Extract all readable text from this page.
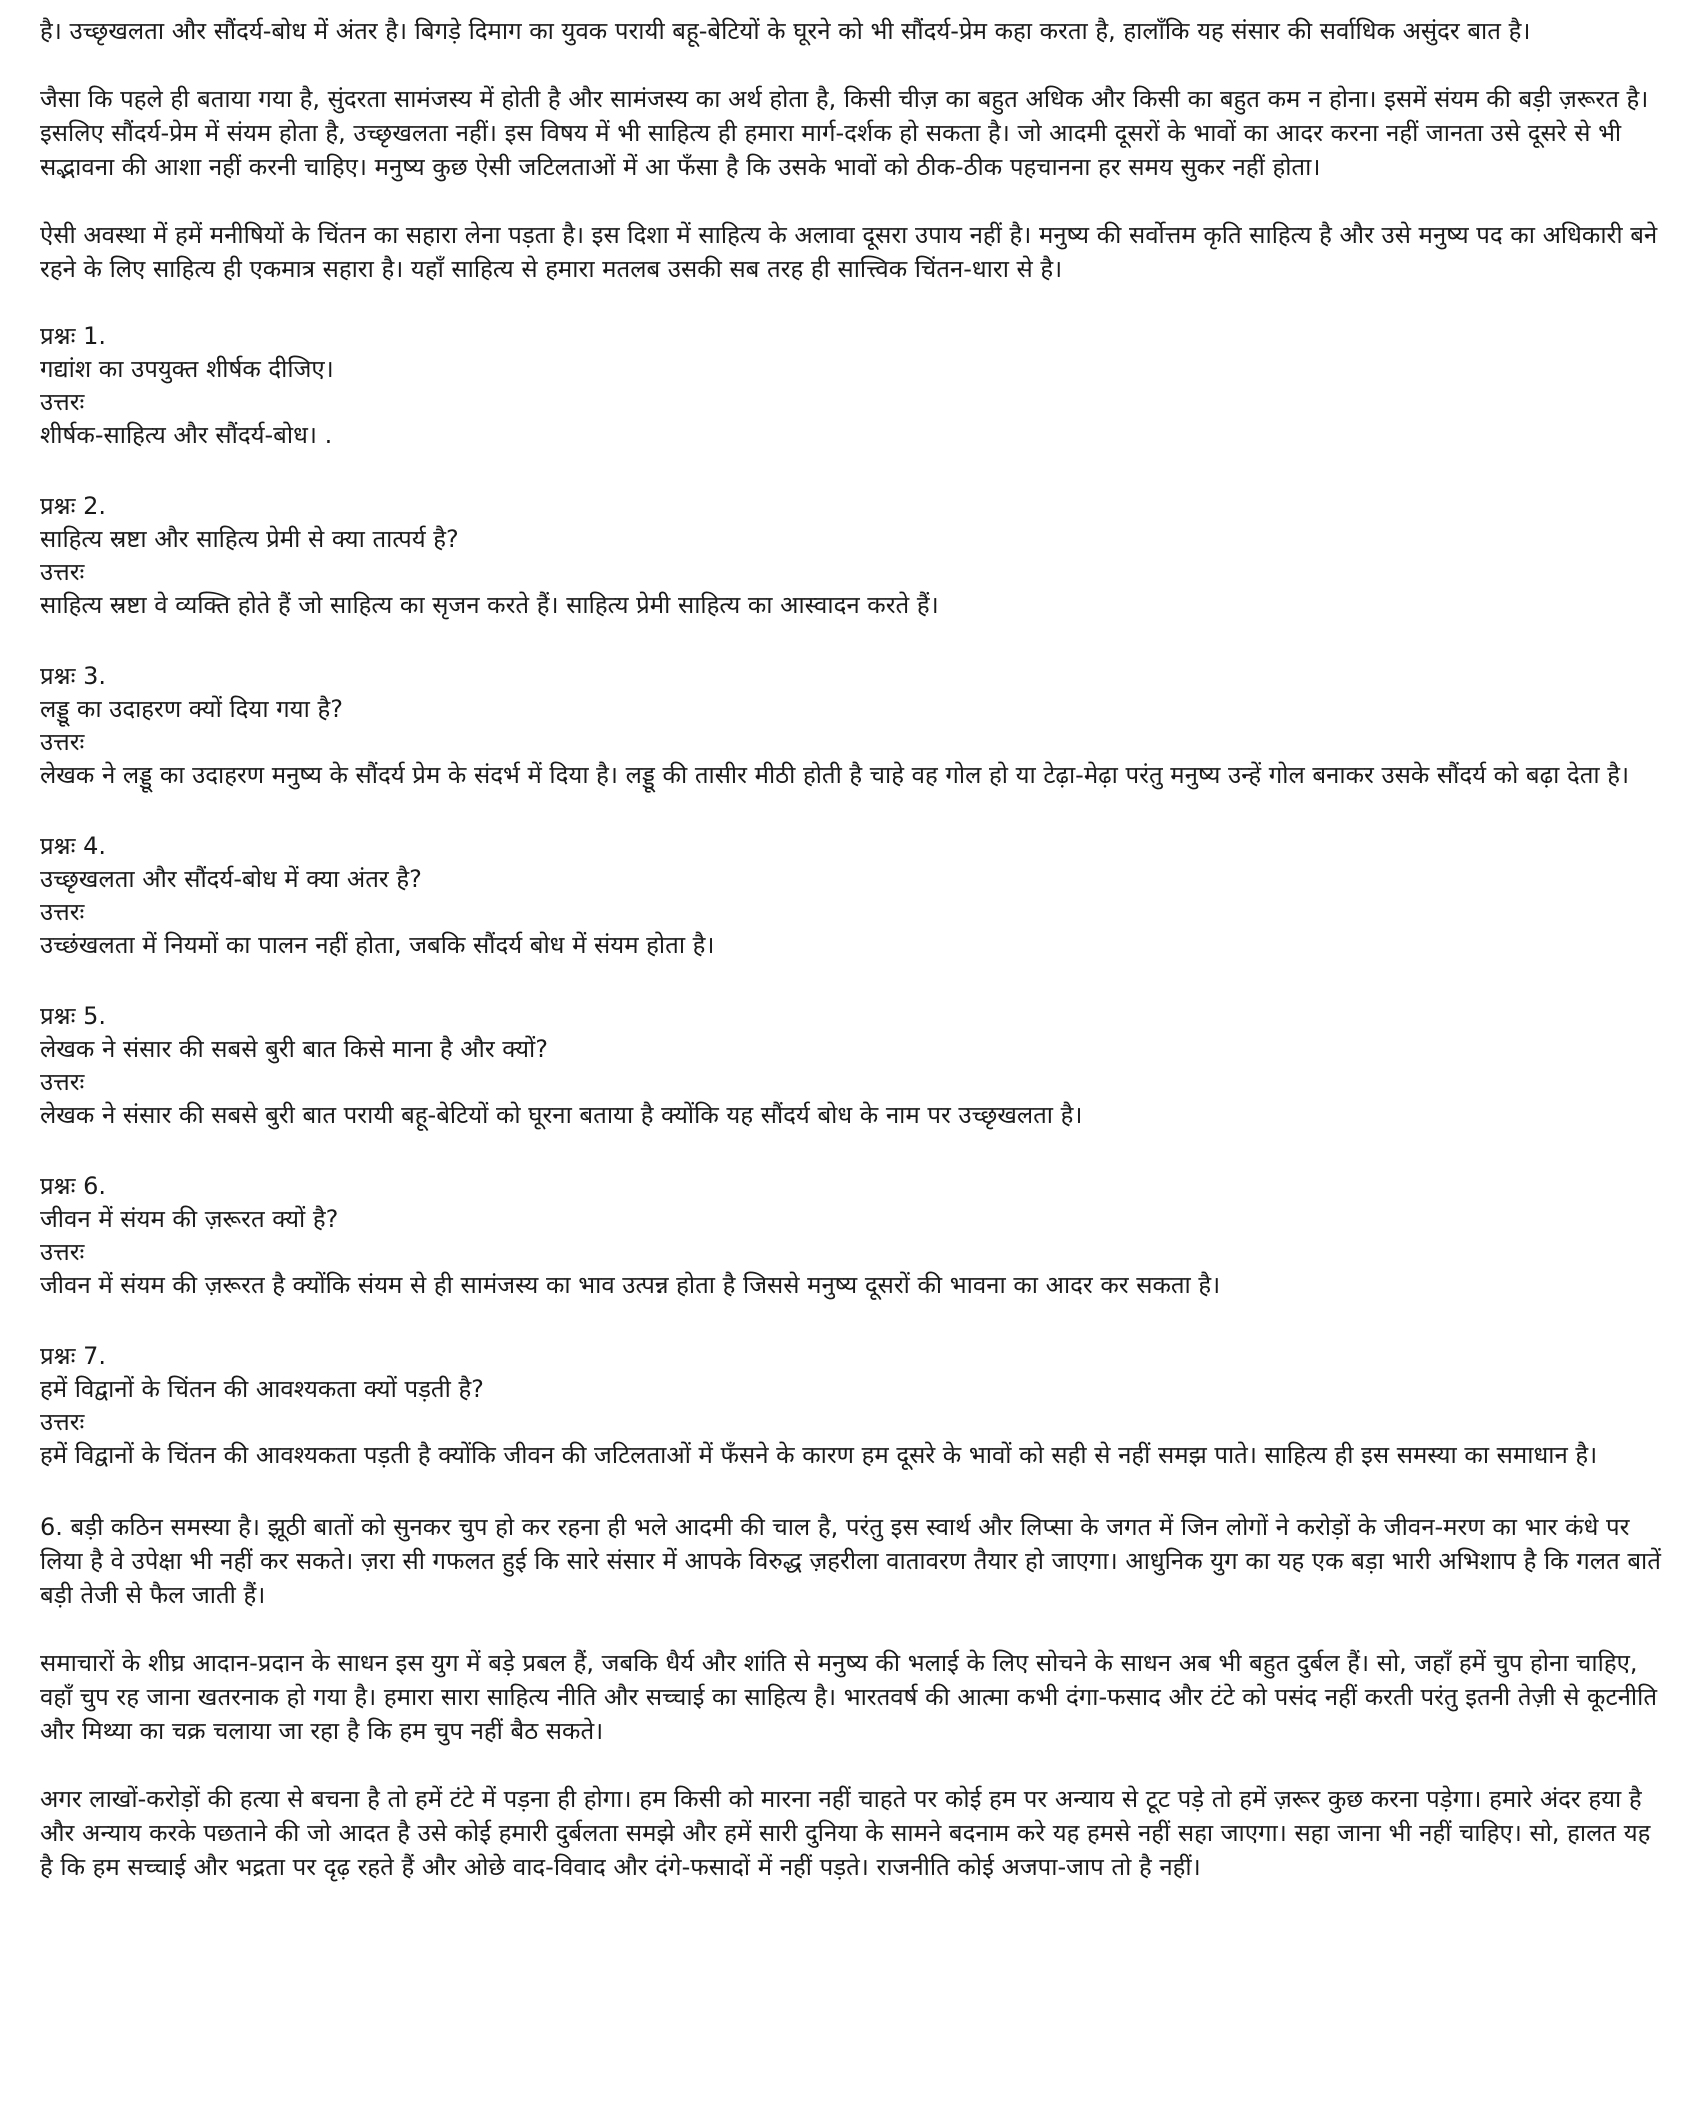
है। उच्छृखलता और सौंदर्य-बोध में अंतर है। बिगड़े दिमाग का युवक परायी बहू-बेटियों के घूरने को भी सौंदर्य-प्रेम कहा करता है, हालाँकि यह संसार की सर्वाधिक असुंदर बात है।

जैसा कि पहले ही बताया गया है, सुंदरता सामंजस्य में होती है और सामंजस्य का अर्थ होता है, किसी चीज़ का बहुत अधिक और किसी का बहुत कम न होना। इसमें संयम की बड़ी ज़रूरत है। इसलिए सौंदर्य-प्रेम में संयम होता है, उच्छृखलता नहीं। इस विषय में भी साहित्य ही हमारा मार्ग-दर्शक हो सकता है। जो आदमी दूसरों के भावों का आदर करना नहीं जानता उसे दूसरे से भी सद्भावना की आशा नहीं करनी चाहिए। मनुष्य कुछ ऐसी जटिलताओं में आ फँसा है कि उसके भावों को ठीक-ठीक पहचानना हर समय सुकर नहीं होता।

ऐसी अवस्था में हमें मनीषियों के चिंतन का सहारा लेना पड़ता है। इस दिशा में साहित्य के अलावा दूसरा उपाय नहीं है। मनुष्य की सर्वोत्तम कृति साहित्य है और उसे मनुष्य पद का अधिकारी बने रहने के लिए साहित्य ही एकमात्र सहारा है। यहाँ साहित्य से हमारा मतलब उसकी सब तरह ही सात्त्विक चिंतन-धारा से है।

प्रश्नः 1.

गद्यांश का उपयुक्त शीर्षक दीजिए।

उत्तरः

शीर्षक-साहित्य और सौंदर्य-बोध। .

प्रश्नः 2.

साहित्य स्रष्टा और साहित्य प्रेमी से क्या तात्पर्य है?

उत्तरः

साहित्य स्रष्टा वे व्यक्ति होते हैं जो साहित्य का सृजन करते हैं। साहित्य प्रेमी साहित्य का आस्वादन करते हैं।

प्रश्नः 3.

लड्डू का उदाहरण क्यों दिया गया है?

उत्तरः

लेखक ने लड्डू का उदाहरण मनुष्य के सौंदर्य प्रेम के संदर्भ में दिया है। लड्डू की तासीर मीठी होती है चाहे वह गोल हो या टेढ़ा-मेढ़ा परंतु मनुष्य उन्हें गोल बनाकर उसके सौंदर्य को बढ़ा देता है।

प्रश्नः 4.

उच्छृखलता और सौंदर्य-बोध में क्या अंतर है?

उत्तरः

उच्छंखलता में नियमों का पालन नहीं होता, जबकि सौंदर्य बोध में संयम होता है।

प्रश्नः 5.

लेखक ने संसार की सबसे बुरी बात किसे माना है और क्यों?

उत्तरः

लेखक ने संसार की सबसे बुरी बात परायी बहू-बेटियों को घूरना बताया है क्योंकि यह सौंदर्य बोध के नाम पर उच्छृखलता है।

प्रश्नः 6.

जीवन में संयम की ज़रूरत क्यों है?

उत्तरः

जीवन में संयम की ज़रूरत है क्योंकि संयम से ही सामंजस्य का भाव उत्पन्न होता है जिससे मनुष्य दूसरों की भावना का आदर कर सकता है।

प्रश्नः 7.

हमें विद्वानों के चिंतन की आवश्यकता क्यों पड़ती है?

उत्तरः

हमें विद्वानों के चिंतन की आवश्यकता पड़ती है क्योंकि जीवन की जटिलताओं में फँसने के कारण हम दूसरे के भावों को सही से नहीं समझ पाते। साहित्य ही इस समस्या का समाधान है।

6. बड़ी कठिन समस्या है। झूठी बातों को सुनकर चुप हो कर रहना ही भले आदमी की चाल है, परंतु इस स्वार्थ और लिप्सा के जगत में जिन लोगों ने करोड़ों के जीवन-मरण का भार कंधे पर लिया है वे उपेक्षा भी नहीं कर सकते। ज़रा सी गफलत हुई कि सारे संसार में आपके विरुद्ध ज़हरीला वातावरण तैयार हो जाएगा। आधुनिक युग का यह एक बड़ा भारी अभिशाप है कि गलत बातें बड़ी तेजी से फैल जाती हैं।

समाचारों के शीघ्र आदान-प्रदान के साधन इस युग में बड़े प्रबल हैं, जबकि धैर्य और शांति से मनुष्य की भलाई के लिए सोचने के साधन अब भी बहुत दुर्बल हैं। सो, जहाँ हमें चुप होना चाहिए, वहाँ चुप रह जाना खतरनाक हो गया है। हमारा सारा साहित्य नीति और सच्चाई का साहित्य है। भारतवर्ष की आत्मा कभी दंगा-फसाद और टंटे को पसंद नहीं करती परंतु इतनी तेज़ी से कूटनीति और मिथ्या का चक्र चलाया जा रहा है कि हम चुप नहीं बैठ सकते।

अगर लाखों-करोड़ों की हत्या से बचना है तो हमें टंटे में पड़ना ही होगा। हम किसी को मारना नहीं चाहते पर कोई हम पर अन्याय से टूट पड़े तो हमें ज़रूर कुछ करना पड़ेगा। हमारे अंदर हया है और अन्याय करके पछताने की जो आदत है उसे कोई हमारी दुर्बलता समझे और हमें सारी दुनिया के सामने बदनाम करे यह हमसे नहीं सहा जाएगा। सहा जाना भी नहीं चाहिए। सो, हालत यह है कि हम सच्चाई और भद्रता पर दृढ़ रहते हैं और ओछे वाद-विवाद और दंगे-फसादों में नहीं पड़ते। राजनीति कोई अजपा-जाप तो है नहीं।
